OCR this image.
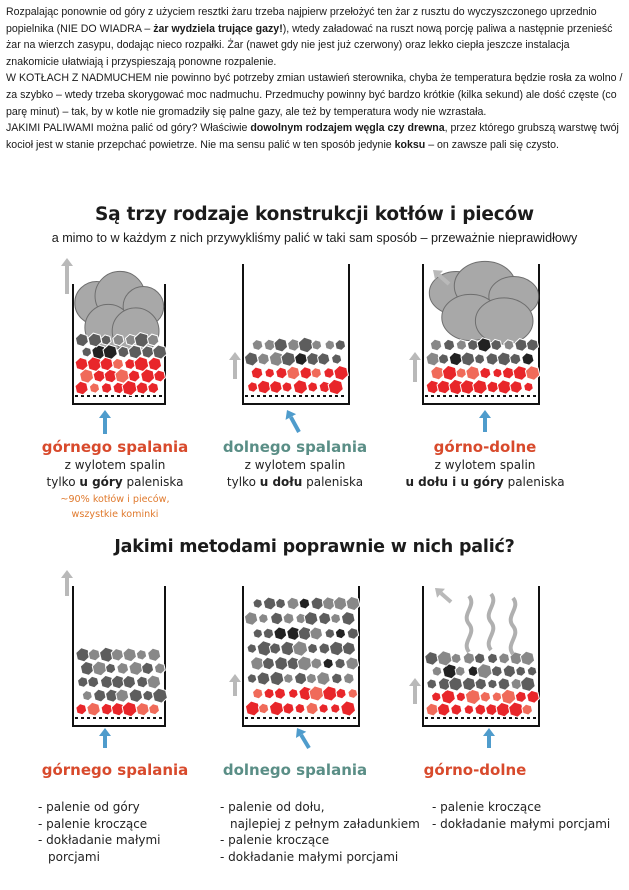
Rozpalając ponownie od góry z użyciem resztki żaru trzeba najpierw przełożyć ten żar z rusztu do wyczyszczonego uprzednio popielnika (NIE DO WIADRA – żar wydziela trujące gazy!), wtedy załadować na ruszt nową porcję paliwa a następnie przenieść żar na wierzch zasypu, dodając nieco rozpałki. Żar (nawet gdy nie jest już czerwony) oraz lekko ciepła jeszcze instalacja znakomicie ułatwiają i przyspieszają ponowne rozpalenie.

W KOTŁACH Z NADMUCHEM nie powinno być potrzeby zmian ustawień sterownika, chyba że temperatura będzie rosła za wolno / za szybko – wtedy trzeba skorygować moc nadmuchu. Przedmuchy powinny być bardzo krótkie (kilka sekund) ale dość częste (co parę minut) – tak, by w kotle nie gromadziły się palne gazy, ale też by temperatura wody nie wzrastała.

JAKIMI PALIWAMI można palić od góry? Właściwie dowolnym rodzajem węgla czy drewna, przez którego grubszą warstwę twój kocioł jest w stanie przepchać powietrze. Nie ma sensu palić w ten sposób jedynie koksu – on zawsze pali się czysto.

Są trzy rodzaje konstrukcji kotłów i pieców
a mimo to w każdym z nich przywykliśmy palić w taki sam sposób – przeważnie nieprawidłowy
górnego spalania
z wylotem spalin
tylko u góry paleniska
~90% kotłów i pieców,
wszystkie kominki
dolnego spalania
z wylotem spalin
tylko u dołu paleniska
górno-dolne
z wylotem spalin
u dołu i u góry paleniska
Jakimi metodami poprawnie w nich palić?
górnego spalania	dolnego spalania	górno-dolne
- palenie od góry
- palenie kroczące
- dokładanie małymi
porcjami
- palenie od dołu,
najlepiej z pełnym załadunkiem
- palenie kroczące
- dokładanie małymi porcjami
- palenie kroczące
- dokładanie małymi porcjami
